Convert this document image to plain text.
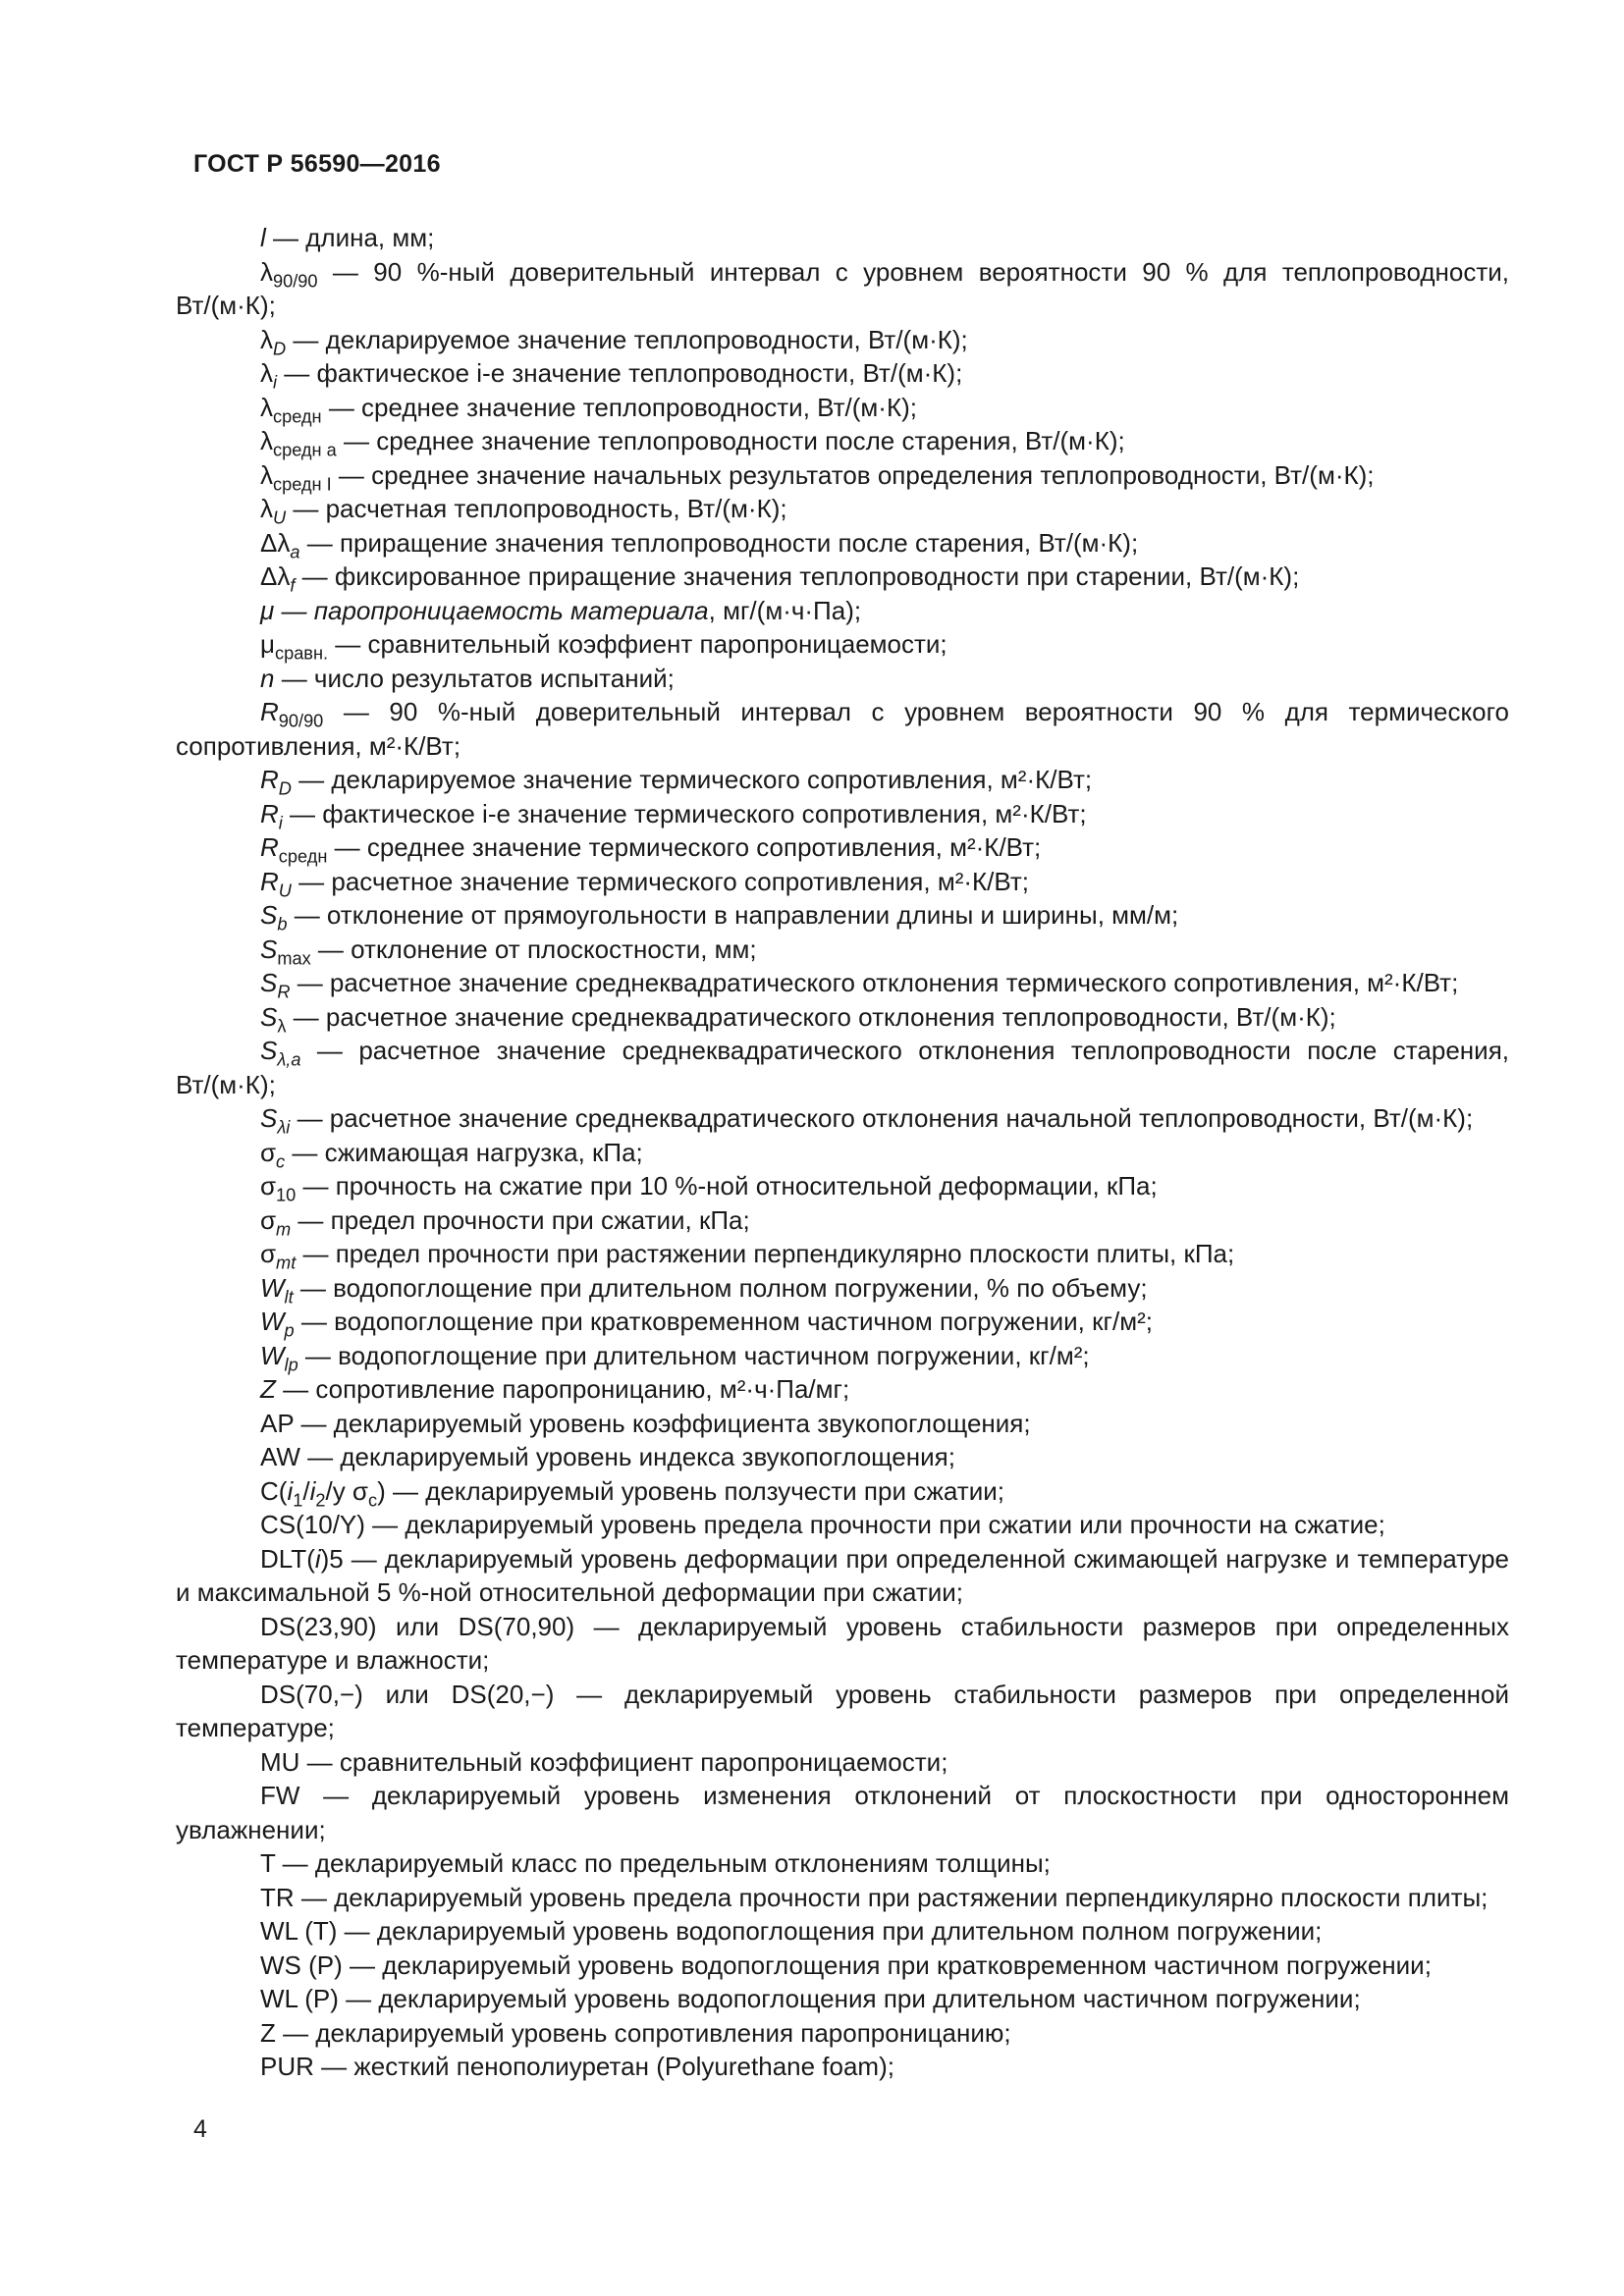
ГОСТ Р 56590—2016

l — длина, мм;

$\lambda_{90/90}$ — 90 %-ный доверительный интервал с уровнем вероятности 90 % для теплопроводности, Вт/(м·К);

$\lambda_D$ — декларируемое значение теплопроводности, Вт/(м·К);

$\lambda_i$ — фактическое i-е значение теплопроводности, Вт/(м·К);

$\lambda_{средн}$ — среднее значение теплопроводности, Вт/(м·К);

$\lambda_{средн a}$ — среднее значение теплопроводности после старения, Вт/(м·К);

$\lambda_{средн I}$ — среднее значение начальных результатов определения теплопроводности, Вт/(м·К);

$\lambda_U$ — расчетная теплопроводность, Вт/(м·К);

$\Delta\lambda_a$ — приращение значения теплопроводности после старения, Вт/(м·К);

$\Delta\lambda_f$ — фиксированное приращение значения теплопроводности при старении, Вт/(м·К);

μ — паропроницаемость материала, мг/(м·ч·Па);

$\mu_{сравн.}$ — сравнительный коэффиент паропроницаемости;

n — число результатов испытаний;

$R_{90/90}$ — 90 %-ный доверительный интервал с уровнем вероятности 90 % для термического сопротивления, м²·К/Вт;

$R_D$ — декларируемое значение термического сопротивления, м²·К/Вт;

$R_i$ — фактическое i-е значение термического сопротивления, м²·К/Вт;

$R_{средн}$ — среднее значение термического сопротивления, м²·К/Вт;

$R_U$ — расчетное значение термического сопротивления, м²·К/Вт;

$S_b$ — отклонение от прямоугольности в направлении длины и ширины, мм/м;

$S_{max}$ — отклонение от плоскостности, мм;

$S_R$ — расчетное значение среднеквадратического отклонения термического сопротивления, м²·К/Вт;

$S_\lambda$ — расчетное значение среднеквадратического отклонения теплопроводности, Вт/(м·К);

$S_{\lambda,a}$ — расчетное значение среднеквадратического отклонения теплопроводности после старения, Вт/(м·К);

$S_{\lambda i}$ — расчетное значение среднеквадратического отклонения начальной теплопроводности, Вт/(м·К);

$\sigma_c$ — сжимающая нагрузка, кПа;

$\sigma_{10}$ — прочность на сжатие при 10 %-ной относительной деформации, кПа;

$\sigma_m$ — предел прочности при сжатии, кПа;

$\sigma_{mt}$ — предел прочности при растяжении перпендикулярно плоскости плиты, кПа;

$W_{lt}$ — водопоглощение при длительном полном погружении, % по объему;

$W_p$ — водопоглощение при кратковременном частичном погружении, кг/м²;

$W_{lp}$ — водопоглощение при длительном частичном погружении, кг/м²;

Z — сопротивление паропроницанию, м²·ч·Па/мг;

AP — декларируемый уровень коэффициента звукопоглощения;

AW — декларируемый уровень индекса звукопоглощения;

$C(i_1/i_2/y$ $\sigma_c$) — декларируемый уровень ползучести при сжатии;

CS(10/Y) — декларируемый уровень предела прочности при сжатии или прочности на сжатие;

DLT(i)5 — декларируемый уровень деформации при определенной сжимающей нагрузке и температуре и максимальной 5 %-ной относительной деформации при сжатии;

DS(23,90) или DS(70,90) — декларируемый уровень стабильности размеров при определенных температуре и влажности;

DS(70,−) или DS(20,−) — декларируемый уровень стабильности размеров при определенной температуре;

MU — сравнительный коэффициент паропроницаемости;

FW — декларируемый уровень изменения отклонений от плоскостности при одностороннем увлажнении;

T — декларируемый класс по предельным отклонениям толщины;

TR — декларируемый уровень предела прочности при растяжении перпендикулярно плоскости плиты;

WL (T) — декларируемый уровень водопоглощения при длительном полном погружении;

WS (P) — декларируемый уровень водопоглощения при кратковременном частичном погружении;

WL (P) — декларируемый уровень водопоглощения при длительном частичном погружении;

Z — декларируемый уровень сопротивления паропроницанию;

PUR — жесткий пенополиуретан (Polyurethane foam);

4
